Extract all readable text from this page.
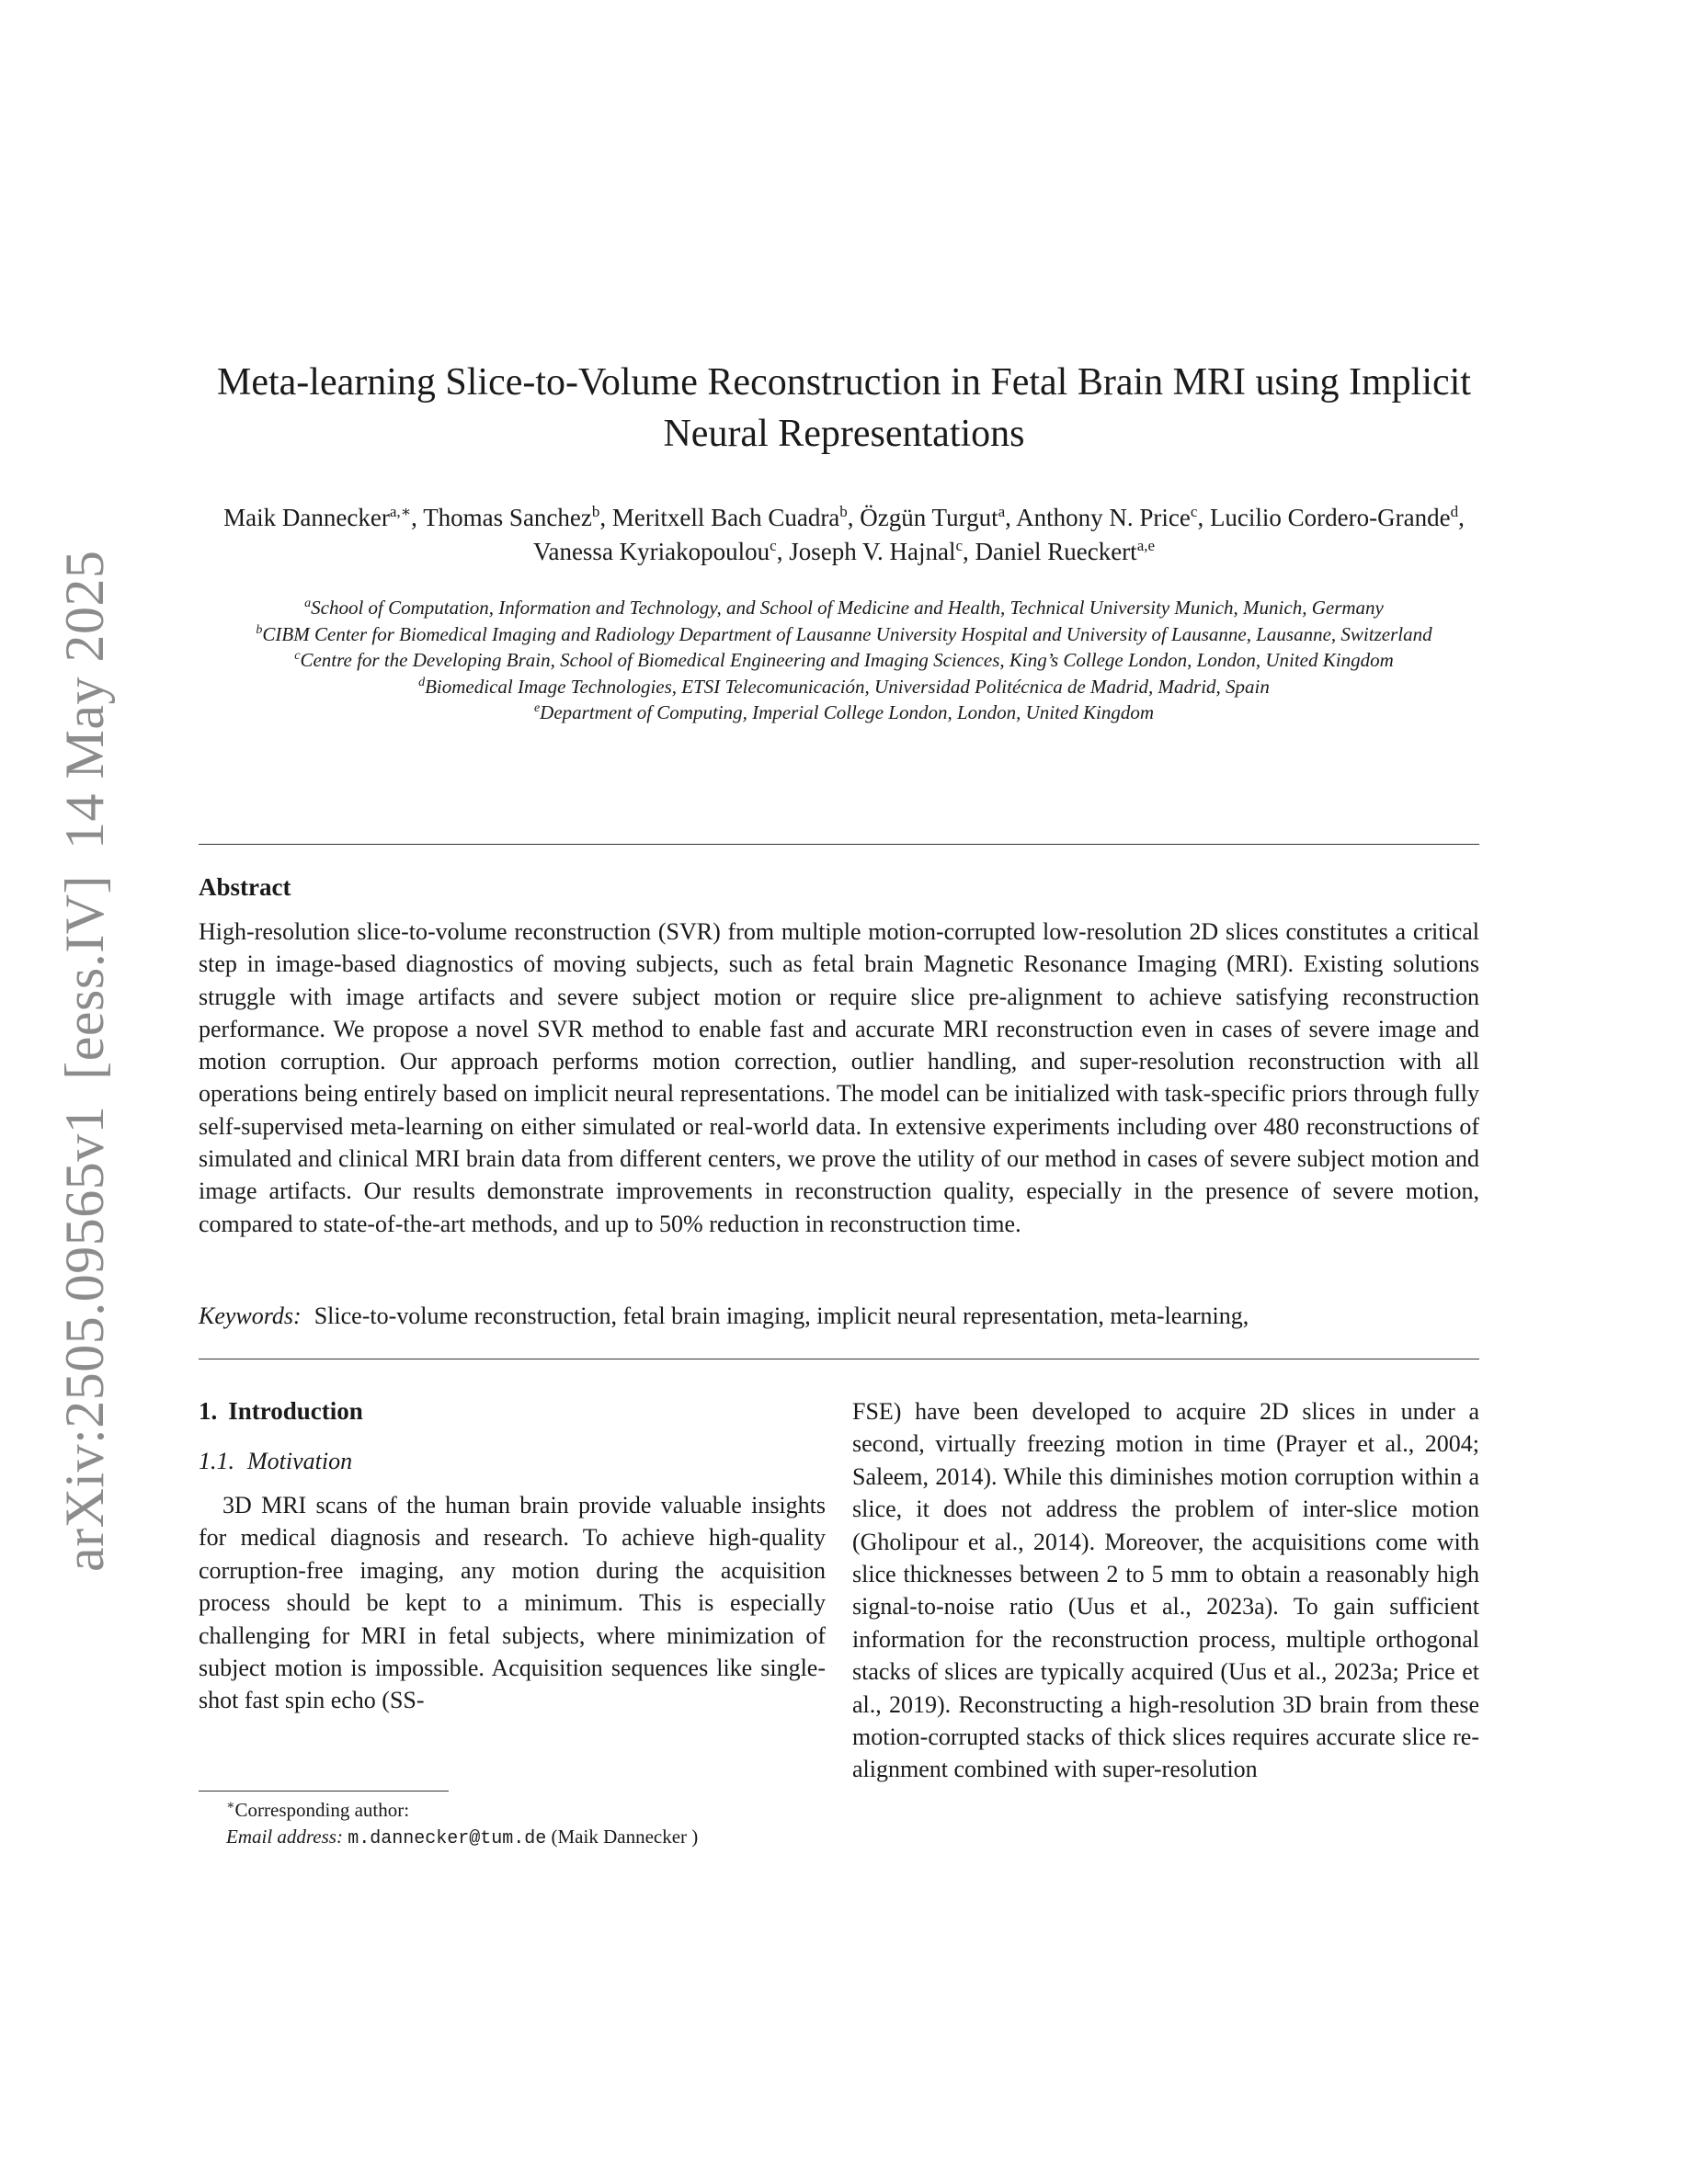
arXiv:2505.09565v1[eess.IV]14 May 2025
Meta-learning Slice-to-Volume Reconstruction in Fetal Brain MRI using Implicit
Neural Representations
Maik Dannecker$^{a,∗}$, Thomas Sanchez$^b$, Meritxell Bach Cuadra$^b$, Özgün Turgut$^a$, Anthony N. Price$^c$, Lucilio Cordero-Grande$^d$, Vanessa Kyriakopoulou$^c$, Joseph V. Hajnal$^c$, Daniel Rueckert$^{a,e}$
$^a$School of Computation, Information and Technology, and School of Medicine and Health, Technical University Munich, Munich, Germany
$^b$CIBM Center for Biomedical Imaging and Radiology Department of Lausanne University Hospital and University of Lausanne, Lausanne, Switzerland
$^c$Centre for the Developing Brain, School of Biomedical Engineering and Imaging Sciences, King’s College London, London, United Kingdom
$^d$Biomedical Image Technologies, ETSI Telecomunicación, Universidad Politécnica de Madrid, Madrid, Spain
$^e$Department of Computing, Imperial College London, London, United Kingdom
Abstract
High-resolution slice-to-volume reconstruction (SVR) from multiple motion-corrupted low-resolution 2D slices constitutes a critical step in image-based diagnostics of moving subjects, such as fetal brain Magnetic Resonance Imaging (MRI). Existing solutions struggle with image artifacts and severe subject motion or require slice pre-alignment to achieve satisfying reconstruction performance. We propose a novel SVR method to enable fast and accurate MRI reconstruction even in cases of severe image and motion corruption. Our approach performs motion correction, outlier handling, and super-resolution reconstruction with all operations being entirely based on implicit neural representations. The model can be initialized with task-specific priors through fully self-supervised meta-learning on either simulated or real-world data. In extensive experiments including over 480 reconstructions of simulated and clinical MRI brain data from different centers, we prove the utility of our method in cases of severe subject motion and image artifacts. Our results demonstrate improvements in reconstruction quality, especially in the presence of severe motion, compared to state-of-the-art methods, and up to 50% reduction in reconstruction time.
Keywords: Slice-to-volume reconstruction, fetal brain imaging, implicit neural representation, meta-learning,
1. Introduction
1.1. Motivation

3D MRI scans of the human brain provide valuable insights for medical diagnosis and research. To achieve high-quality corruption-free imaging, any motion during the acquisition process should be kept to a minimum. This is especially challenging for MRI in fetal subjects, where minimization of subject motion is impossible. Acquisition sequences like single-shot fast spin echo (SS-

FSE) have been developed to acquire 2D slices in under a second, virtually freezing motion in time (Prayer et al., 2004; Saleem, 2014). While this diminishes motion corruption within a slice, it does not address the problem of inter-slice motion (Gholipour et al., 2014). Moreover, the acquisitions come with slice thicknesses between 2 to 5 mm to obtain a reasonably high signal-to-noise ratio (Uus et al., 2023a). To gain sufficient information for the reconstruction process, multiple orthogonal stacks of slices are typically acquired (Uus et al., 2023a; Price et al., 2019). Reconstructing a high-resolution 3D brain from these motion-corrupted stacks of thick slices requires accurate slice re-alignment combined with super-resolution

∗Corresponding author:
Email address: m.dannecker@tum.de (Maik Dannecker )
